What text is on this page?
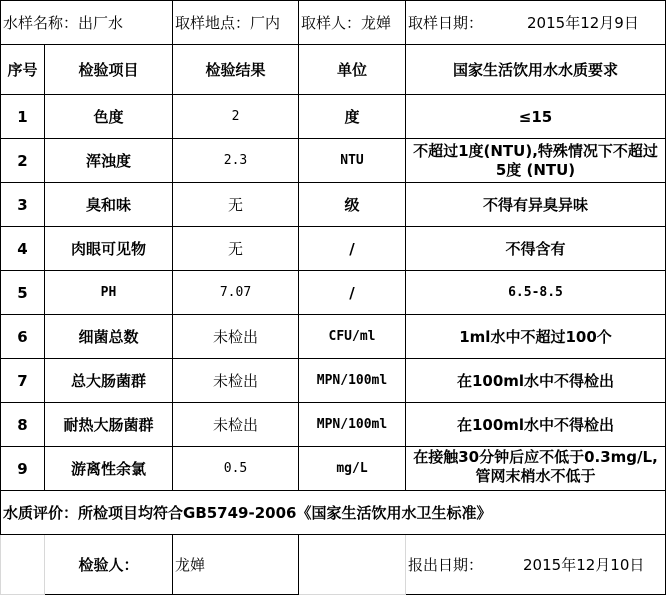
水样名称：出厂水		取样地点：厂内	取样人：龙婵	取样日期： 2015年12月9日
序号	检验项目	检验结果	单位	国家生活饮用水水质要求
1	色度	2	度	≤15
2	浑浊度	2.3	NTU	不超过1度(NTU),特殊情况下不超过5度 (NTU)
3	臭和味	无	级	不得有异臭异味
4	肉眼可见物	无	/	不得含有
5	PH	7.07	/	6.5-8.5
6	细菌总数	未检出	CFU/ml	1ml水中不超过100个
7	总大肠菌群	未检出	MPN/100ml	在100ml水中不得检出
8	耐热大肠菌群	未检出	MPN/100ml	在100ml水中不得检出
9	游离性余氯	0.5	mg/L	在接触30分钟后应不低于0.3mg/L,管网末梢水不低于

水质评价：所检项目均符合GB5749-2006《国家生活饮用水卫生标准》				
	检验人：	龙婵		报出日期： 2015年12月10日
